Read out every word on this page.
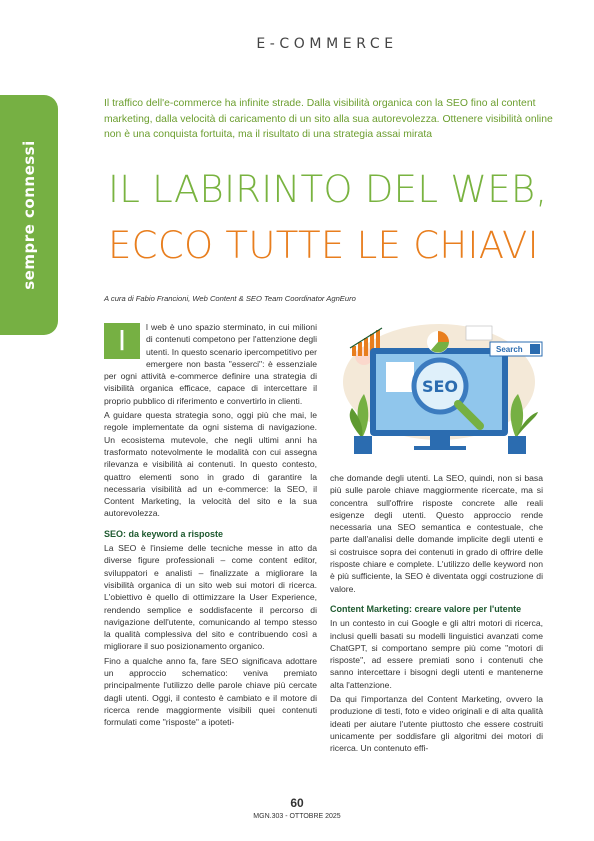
sempre connessi
E-COMMERCE
Il traffico dell'e-commerce ha infinite strade. Dalla visibilità organica con la SEO fino al content marketing, dalla velocità di caricamento di un sito alla sua autorevolezza. Ottenere visibilità online non è una conquista fortuita, ma il risultato di una strategia assai mirata
IL LABIRINTO DEL WEB,
ECCO TUTTE LE CHIAVI
A cura di Fabio Francioni, Web Content & SEO Team Coordinator AgnEuro
I	l web è uno spazio sterminato, in cui milioni di contenuti competono per l'attenzione degli utenti. In questo scenario ipercompetitivo per emergere non basta "esserci": è essenziale per ogni attività e-commerce definire una strategia di visibilità organica efficace, capace di intercettare il proprio pubblico di riferimento e convertirlo in clienti.

A guidare questa strategia sono, oggi più che mai, le regole implementate da ogni sistema di navigazione. Un ecosistema mutevole, che negli ultimi anni ha trasformato notevolmente le modalità con cui assegna rilevanza e visibilità ai contenuti. In questo contesto, quattro elementi sono in grado di garantire la necessaria visibilità ad un e-commerce: la SEO, il Content Marketing, la velocità del sito e la sua autorevolezza.

SEO: da keyword a risposte

La SEO è l'insieme delle tecniche messe in atto da diverse figure professionali – come content editor, sviluppatori e analisti – finalizzate a migliorare la visibilità organica di un sito web sui motori di ricerca. L'obiettivo è quello di ottimizzare la User Experience, rendendo semplice e soddisfacente il percorso di navigazione dell'utente, comunicando al tempo stesso la qualità complessiva del sito e contribuendo così a migliorare il suo posizionamento organico.

Fino a qualche anno fa, fare SEO significava adottare un approccio schematico: veniva premiato principalmente l'utilizzo delle parole chiave più cercate dagli utenti. Oggi, il contesto è cambiato e il motore di ricerca rende maggiormente visibili quei contenuti formulati come "risposte" a ipoteti-

Search
SEO

che domande degli utenti. La SEO, quindi, non si basa più sulle parole chiave maggiormente ricercate, ma si concentra sull'offrire risposte concrete alle reali esigenze degli utenti. Questo approccio rende necessaria una SEO semantica e contestuale, che parte dall'analisi delle domande implicite degli utenti e si costruisce sopra dei contenuti in grado di offrire delle risposte chiare e complete. L'utilizzo delle keyword non è più sufficiente, la SEO è diventata oggi costruzione di valore.

Content Marketing: creare valore per l'utente

In un contesto in cui Google e gli altri motori di ricerca, inclusi quelli basati su modelli linguistici avanzati come ChatGPT, si comportano sempre più come "motori di risposte", ad essere premiati sono i contenuti che sanno intercettare i bisogni degli utenti e mantenerne alta l'attenzione.

Da qui l'importanza del Content Marketing, ovvero la produzione di testi, foto e video originali e di alta qualità ideati per aiutare l'utente piuttosto che essere costruiti unicamente per soddisfare gli algoritmi dei motori di ricerca. Un contenuto effi-

60
MGN.303 - OTTOBRE 2025
